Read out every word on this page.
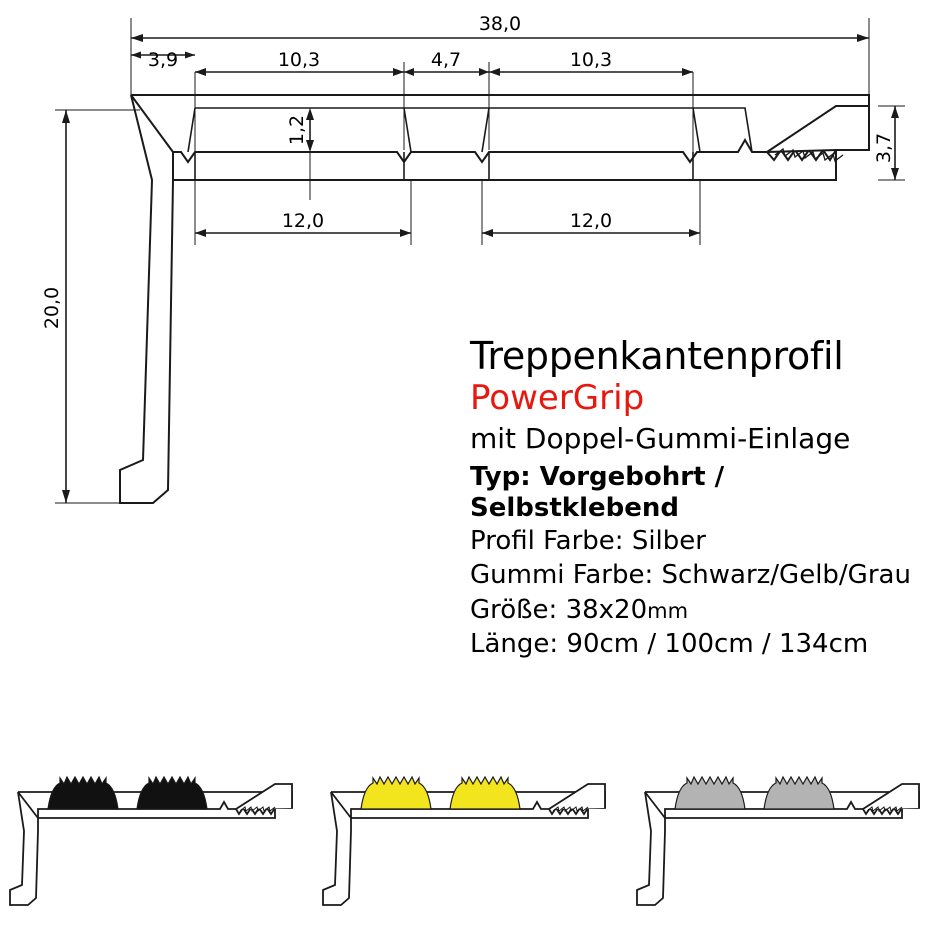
38,0
3,9	10,3	4,7	10,3
1,2
3,7
20,0
12,0	12,0
Treppenkantenprofil
PowerGrip
mit Doppel-Gummi-Einlage
Typ: Vorgebohrt / Selbstklebend
Profil Farbe: Silber
Gummi Farbe: Schwarz/Gelb/Grau
Größe: 38x20mm
Länge: 90cm / 100cm / 134cm
